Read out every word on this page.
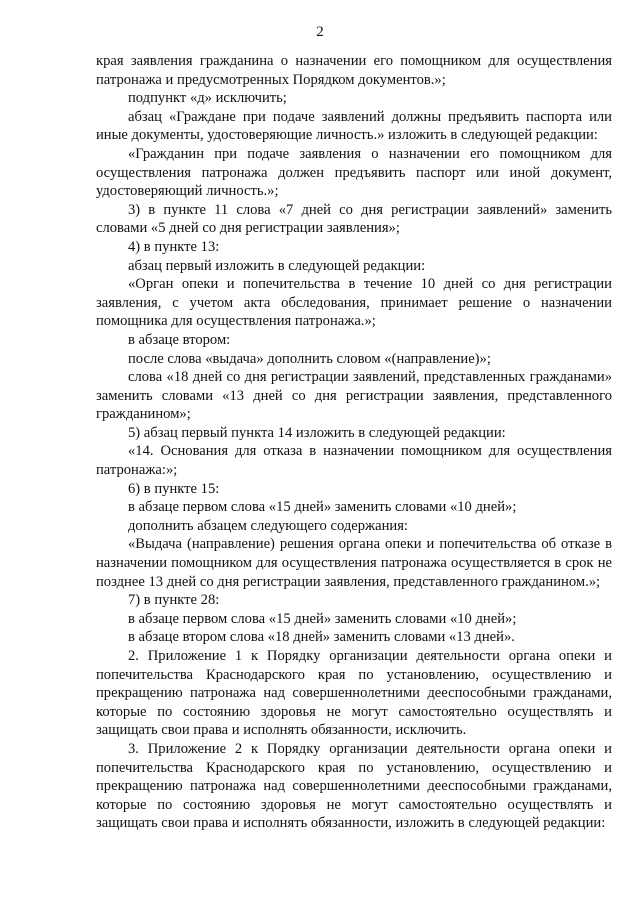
2

края заявления гражданина о назначении его помощником для осуществления патронажа и предусмотренных Порядком документов.»;

подпункт «д» исключить;

абзац «Граждане при подаче заявлений должны предъявить паспорта или иные документы, удостоверяющие личность.» изложить в следующей редакции:

«Гражданин при подаче заявления о назначении его помощником для осуществления патронажа должен предъявить паспорт или иной документ, удостоверяющий личность.»;

3) в пункте 11 слова «7 дней со дня регистрации заявлений» заменить словами «5 дней со дня регистрации заявления»;

4) в пункте 13:

абзац первый изложить в следующей редакции:

«Орган опеки и попечительства в течение 10 дней со дня регистрации заявления, с учетом акта обследования, принимает решение о назначении помощника для осуществления патронажа.»;

в абзаце втором:

после слова «выдача» дополнить словом «(направление)»;

слова «18 дней со дня регистрации заявлений, представленных гражданами» заменить словами «13 дней со дня регистрации заявления, представленного гражданином»;

5) абзац первый пункта 14 изложить в следующей редакции:

«14. Основания для отказа в назначении помощником для осуществления патронажа:»;

6) в пункте 15:

в абзаце первом слова «15 дней» заменить словами «10 дней»;

дополнить абзацем следующего содержания:

«Выдача (направление) решения органа опеки и попечительства об отказе в назначении помощником для осуществления патронажа осуществляется в срок не позднее 13 дней со дня регистрации заявления, представленного гражданином.»;

7) в пункте 28:

в абзаце первом слова «15 дней» заменить словами «10 дней»;

в абзаце втором слова «18 дней» заменить словами «13 дней».

2. Приложение 1 к Порядку организации деятельности органа опеки и попечительства Краснодарского края по установлению, осуществлению и прекращению патронажа над совершеннолетними дееспособными гражданами, которые по состоянию здоровья не могут самостоятельно осуществлять и защищать свои права и исполнять обязанности, исключить.

3. Приложение 2 к Порядку организации деятельности органа опеки и попечительства Краснодарского края по установлению, осуществлению и прекращению патронажа над совершеннолетними дееспособными гражданами, которые по состоянию здоровья не могут самостоятельно осуществлять и защищать свои права и исполнять обязанности, изложить в следующей редакции:
